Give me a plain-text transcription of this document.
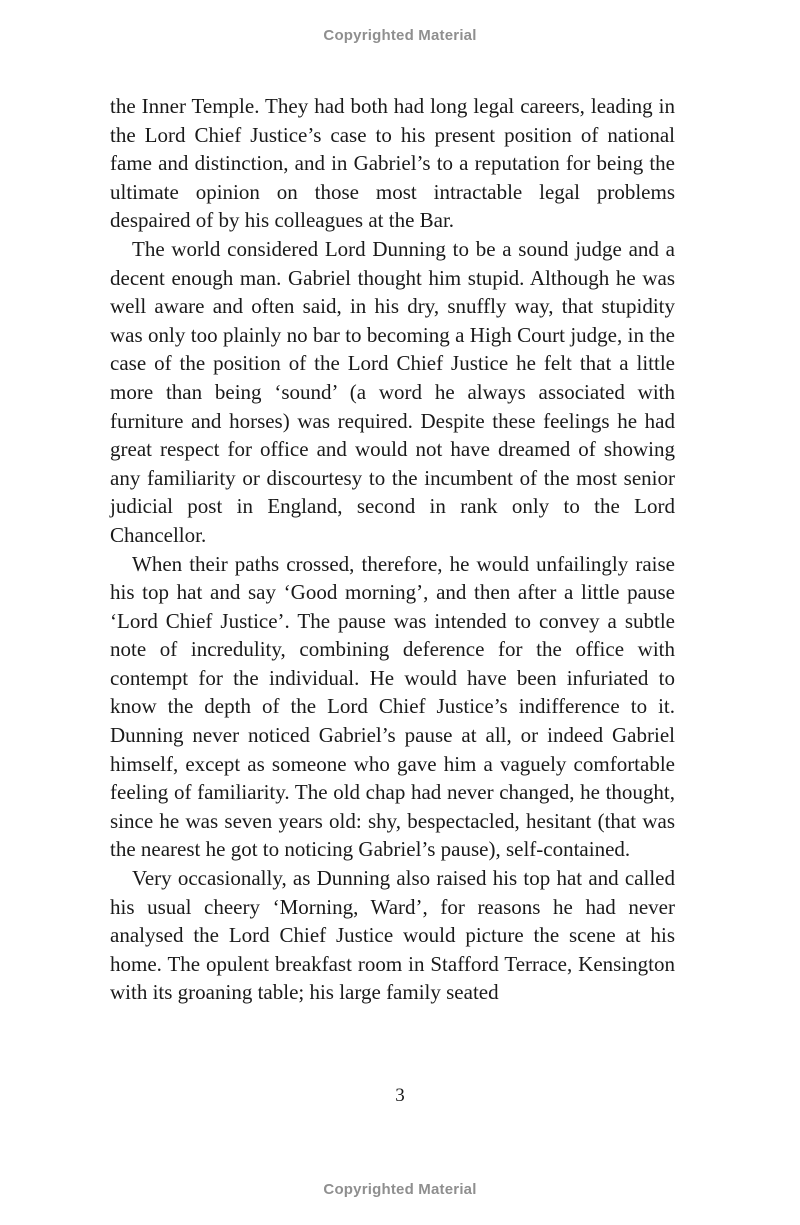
Copyrighted Material

the Inner Temple. They had both had long legal careers, leading in the Lord Chief Justice’s case to his present position of national fame and distinction, and in Gabriel’s to a reputation for being the ultimate opinion on those most intractable legal problems despaired of by his colleagues at the Bar.

The world considered Lord Dunning to be a sound judge and a decent enough man. Gabriel thought him stupid. Although he was well aware and often said, in his dry, snuffly way, that stupidity was only too plainly no bar to becoming a High Court judge, in the case of the position of the Lord Chief Justice he felt that a little more than being ‘sound’ (a word he always associated with furniture and horses) was required. Despite these feelings he had great respect for office and would not have dreamed of showing any familiarity or discourtesy to the incumbent of the most senior judicial post in England, second in rank only to the Lord Chancellor.

When their paths crossed, therefore, he would unfailingly raise his top hat and say ‘Good morning’, and then after a little pause ‘Lord Chief Justice’. The pause was intended to convey a subtle note of incredulity, combining deference for the office with contempt for the individual. He would have been infuriated to know the depth of the Lord Chief Justice’s indifference to it. Dunning never noticed Gabriel’s pause at all, or indeed Gabriel himself, except as someone who gave him a vaguely comfortable feeling of familiarity. The old chap had never changed, he thought, since he was seven years old: shy, bespectacled, hesitant (that was the nearest he got to noticing Gabriel’s pause), self-contained.

Very occasionally, as Dunning also raised his top hat and called his usual cheery ‘Morning, Ward’, for reasons he had never analysed the Lord Chief Justice would picture the scene at his home. The opulent breakfast room in Stafford Terrace, Kensington with its groaning table; his large family seated

3
Copyrighted Material
